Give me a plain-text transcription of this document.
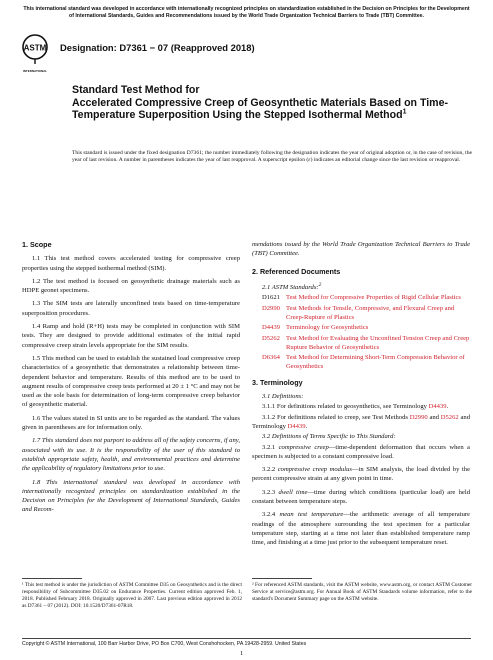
This international standard was developed in accordance with internationally recognized principles on standardization established in the Decision on Principles for the Development of International Standards, Guides and Recommendations issued by the World Trade Organization Technical Barriers to Trade (TBT) Committee.
ASTM
INTERNATIONAL
Designation: D7361 − 07 (Reapproved 2018)
Standard Test Method for
Accelerated Compressive Creep of Geosynthetic Materials Based on Time-Temperature Superposition Using the Stepped Isothermal Method$^1$
This standard is issued under the fixed designation D7361; the number immediately following the designation indicates the year of original adoption or, in the case of revision, the year of last revision. A number in parentheses indicates the year of last reapproval. A superscript epsilon (ε) indicates an editorial change since the last revision or reapproval.
1. Scope

1.1 This test method covers accelerated testing for compressive creep properties using the stepped isothermal method (SIM).

1.2 The test method is focused on geosynthetic drainage materials such as HDPE geonet specimens.

1.3 The SIM tests are laterally unconfined tests based on time-temperature superposition procedures.

1.4 Ramp and hold (R+H) tests may be completed in conjunction with SIM tests. They are designed to provide additional estimates of the initial rapid compressive creep strain levels appropriate for the SIM results.

1.5 This method can be used to establish the sustained load compressive creep characteristics of a geosynthetic that demonstrates a relationship between time-dependent behavior and temperature. Results of this method are to be used to augment results of compressive creep tests performed at 20 ± 1 °C and may not be used as the sole basis for determination of long-term compressive creep behavior of geosynthetic material.

1.6 The values stated in SI units are to be regarded as the standard. The values given in parentheses are for information only.

1.7 This standard does not purport to address all of the safety concerns, if any, associated with its use. It is the responsibility of the user of this standard to establish appropriate safety, health, and environmental practices and determine the applicability of regulatory limitations prior to use.

1.8 This international standard was developed in accordance with internationally recognized principles on standardization established in the Decision on Principles for the Development of International Standards, Guides and Recom-

mendations issued by the World Trade Organization Technical Barriers to Trade (TBT) Committee.

2. Referenced Documents

2.1 ASTM Standards:$^2$

D1621 Test Method for Compressive Properties of Rigid Cellular Plastics
D2990 Test Methods for Tensile, Compressive, and Flexural Creep and Creep-Rupture of Plastics
D4439 Terminology for Geosynthetics
D5262 Test Method for Evaluating the Unconfined Tension Creep and Creep Rupture Behavior of Geosynthetics
D6364 Test Method for Determining Short-Term Compression Behavior of Geosynthetics
3. Terminology

3.1 Definitions:

3.1.1 For definitions related to geosynthetics, see Terminology D4439.

3.1.2 For definitions related to creep, see Test Methods D2990 and D5262 and Terminology D4439.

3.2 Definitions of Terms Specific to This Standard:

3.2.1 compressive creep—time-dependent deformation that occurs when a specimen is subjected to a constant compressive load.

3.2.2 compressive creep modulus—in SIM analysis, the load divided by the percent compressive strain at any given point in time.

3.2.3 dwell time—time during which conditions (particular load) are held constant between temperature steps.

3.2.4 mean test temperature—the arithmetic average of all temperature readings of the atmosphere surrounding the test specimen for a particular temperature step, starting at a time not later than established temperature ramp time, and finishing at a time just prior to the subsequent temperature reset.

¹ This test method is under the jurisdiction of ASTM Committee D35 on Geosynthetics and is the direct responsibility of Subcommittee D35.02 on Endurance Properties. Current edition approved Feb. 1, 2018. Published February 2018. Originally approved in 2007. Last previous edition approved in 2012 as D7361 – 07 (2012). DOI: 10.1520/D7361-07R18.
² For referenced ASTM standards, visit the ASTM website, www.astm.org, or contact ASTM Customer Service at service@astm.org. For Annual Book of ASTM Standards volume information, refer to the standard's Document Summary page on the ASTM website.
Copyright © ASTM International, 100 Barr Harbor Drive, PO Box C700, West Conshohocken, PA 19428-2959. United States
1
